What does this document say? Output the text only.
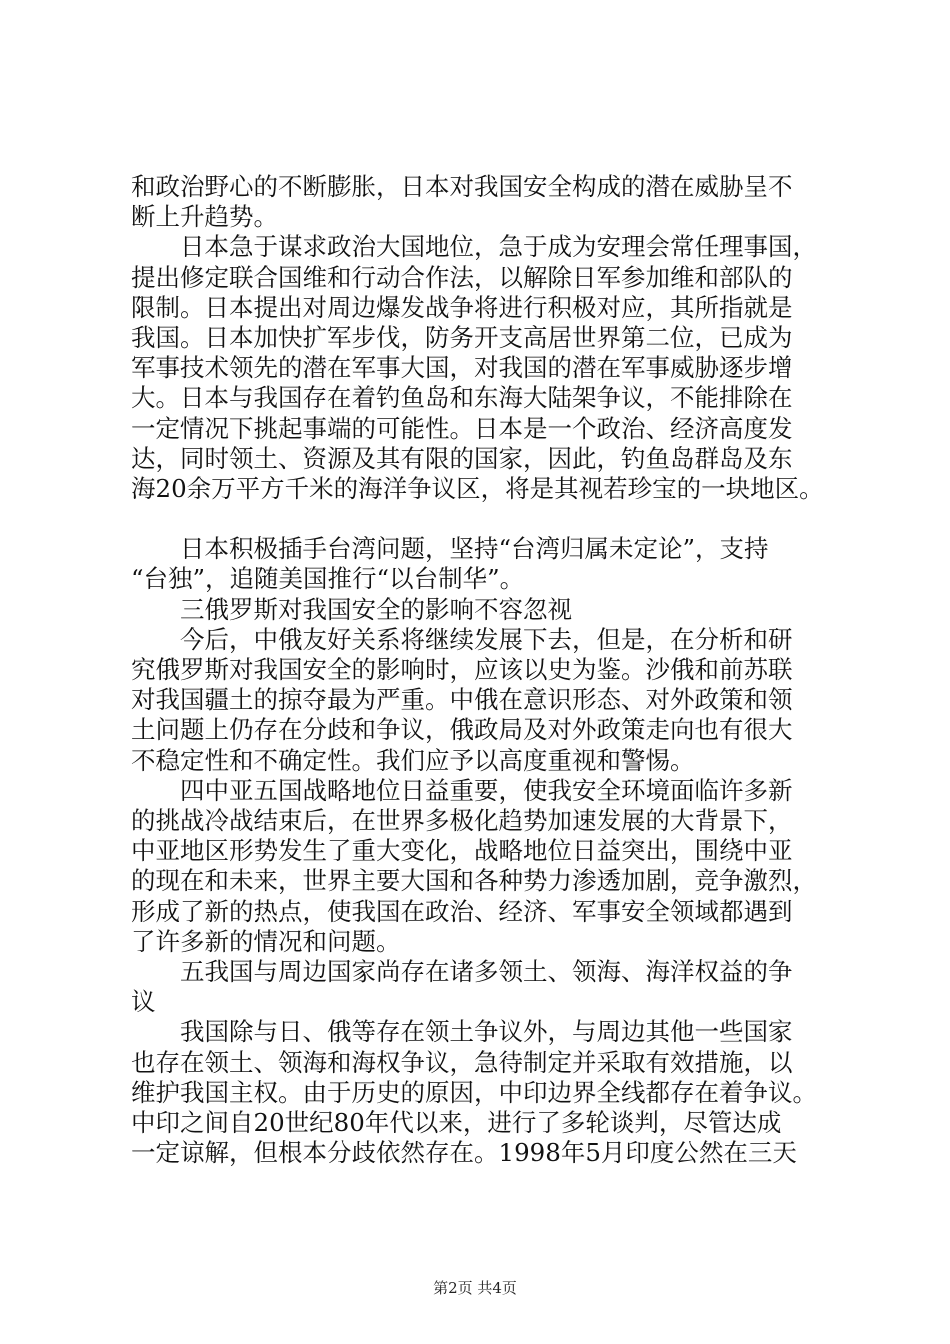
和政治野心的不断膨胀，日本对我国安全构成的潜在威胁呈不
断上升趋势。
　　日本急于谋求政治大国地位，急于成为安理会常任理事国，
提出修定联合国维和行动合作法，以解除日军参加维和部队的
限制。日本提出对周边爆发战争将进行积极对应，其所指就是
我国。日本加快扩军步伐，防务开支高居世界第二位，已成为
军事技术领先的潜在军事大国，对我国的潜在军事威胁逐步增
大。日本与我国存在着钓鱼岛和东海大陆架争议，不能排除在
一定情况下挑起事端的可能性。日本是一个政治、经济高度发
达，同时领土、资源及其有限的国家，因此，钓鱼岛群岛及东
海20余万平方千米的海洋争议区，将是其视若珍宝的一块地区。
　　日本积极插手台湾问题，坚持“台湾归属未定论”，支持
“台独”，追随美国推行“以台制华”。
　　三俄罗斯对我国安全的影响不容忽视
　　今后，中俄友好关系将继续发展下去，但是，在分析和研
究俄罗斯对我国安全的影响时，应该以史为鉴。沙俄和前苏联
对我国疆土的掠夺最为严重。中俄在意识形态、对外政策和领
土问题上仍存在分歧和争议，俄政局及对外政策走向也有很大
不稳定性和不确定性。我们应予以高度重视和警惕。
　　四中亚五国战略地位日益重要，使我安全环境面临许多新
的挑战冷战结束后，在世界多极化趋势加速发展的大背景下，
中亚地区形势发生了重大变化，战略地位日益突出，围绕中亚
的现在和未来，世界主要大国和各种势力渗透加剧，竞争激烈，
形成了新的热点，使我国在政治、经济、军事安全领域都遇到
了许多新的情况和问题。
　　五我国与周边国家尚存在诸多领土、领海、海洋权益的争
议
　　我国除与日、俄等存在领土争议外，与周边其他一些国家
也存在领土、领海和海权争议，急待制定并采取有效措施，以
维护我国主权。由于历史的原因，中印边界全线都存在着争议。
中印之间自20世纪80年代以来，进行了多轮谈判，尽管达成
一定谅解，但根本分歧依然存在。1998年5月印度公然在三天
第2页 共4页
